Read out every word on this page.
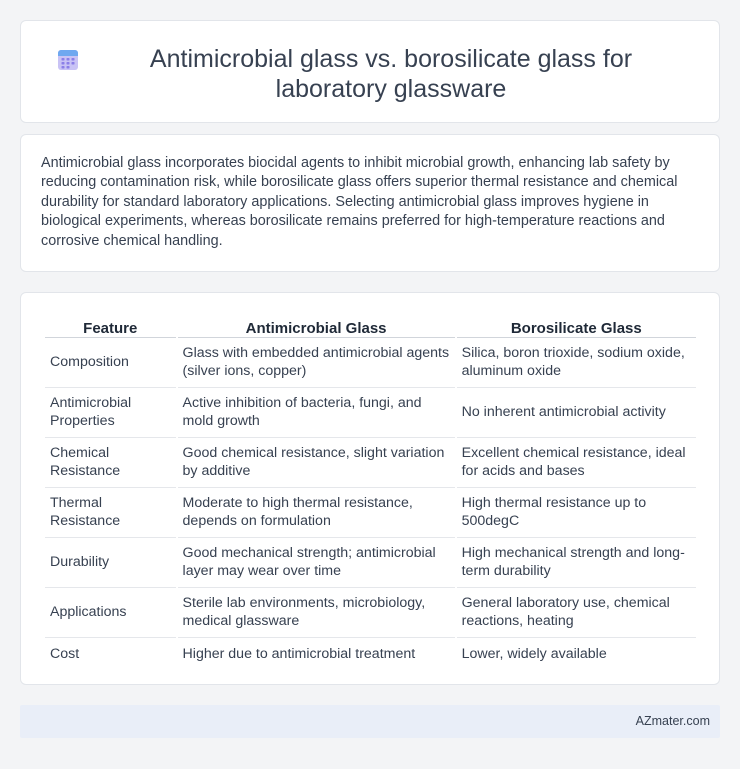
Antimicrobial glass vs. borosilicate glass for laboratory glassware

Antimicrobial glass incorporates biocidal agents to inhibit microbial growth, enhancing lab safety by reducing contamination risk, while borosilicate glass offers superior thermal resistance and chemical durability for standard laboratory applications. Selecting antimicrobial glass improves hygiene in biological experiments, whereas borosilicate remains preferred for high-temperature reactions and corrosive chemical handling.

Feature	Antimicrobial Glass	Borosilicate Glass
Composition	Glass with embedded antimicrobial agents (silver ions, copper)	Silica, boron trioxide, sodium oxide, aluminum oxide
Antimicrobial Properties	Active inhibition of bacteria, fungi, and mold growth	No inherent antimicrobial activity
Chemical Resistance	Good chemical resistance, slight variation by additive	Excellent chemical resistance, ideal for acids and bases
Thermal Resistance	Moderate to high thermal resistance, depends on formulation	High thermal resistance up to 500degC
Durability	Good mechanical strength; antimicrobial layer may wear over time	High mechanical strength and long-term durability
Applications	Sterile lab environments, microbiology, medical glassware	General laboratory use, chemical reactions, heating
Cost	Higher due to antimicrobial treatment	Lower, widely available
AZmater.com
